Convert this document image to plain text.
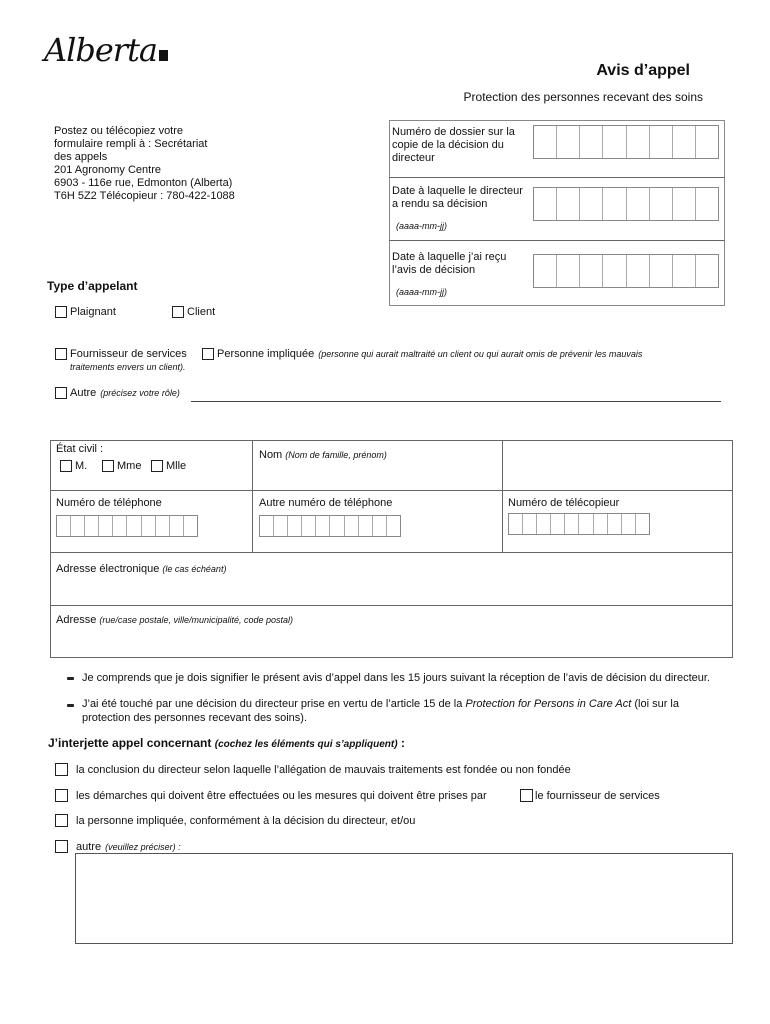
Alberta
Avis d’appel
Protection des personnes recevant des soins
Postez ou télécopiez votre
formulaire rempli à : Secrétariat
des appels
201 Agronomy Centre
6903 - 116e rue, Edmonton (Alberta)
T6H 5Z2 Télécopieur : 780-422-1088
Numéro de dossier sur la copie de la décision du directeur
Date à laquelle le directeur a rendu sa décision
(aaaa-mm-jj)
Date à laquelle j’ai reçu l’avis de décision
(aaaa-mm-jj)
Type d’appelant
Plaignant	Client
Fournisseur de services	Personne impliquée (personne qui aurait maltraité un client ou qui aurait omis de prévenir les mauvais
traitements envers un client).
Autre (précisez votre rôle)
État civil :
M.	Mme Mlle
Nom (Nom de famille, prénom)
Numéro de téléphone	Autre numéro de téléphone	Numéro de télécopieur
Adresse électronique (le cas échéant)
Adresse (rue/case postale, ville/municipalité, code postal)
Je comprends que je dois signifier le présent avis d’appel dans les 15 jours suivant la réception de l’avis de décision du directeur.
J’ai été touché par une décision du directeur prise en vertu de l’article 15 de la Protection for Persons in Care Act (loi sur la
protection des personnes recevant des soins).
J’interjette appel concernant (cochez les éléments qui s’appliquent) :
la conclusion du directeur selon laquelle l’allégation de mauvais traitements est fondée ou non fondée
les démarches qui doivent être effectuées ou les mesures qui doivent être prises par	le fournisseur de services
la personne impliquée, conformément à la décision du directeur, et/ou
autre (veuillez préciser) :
